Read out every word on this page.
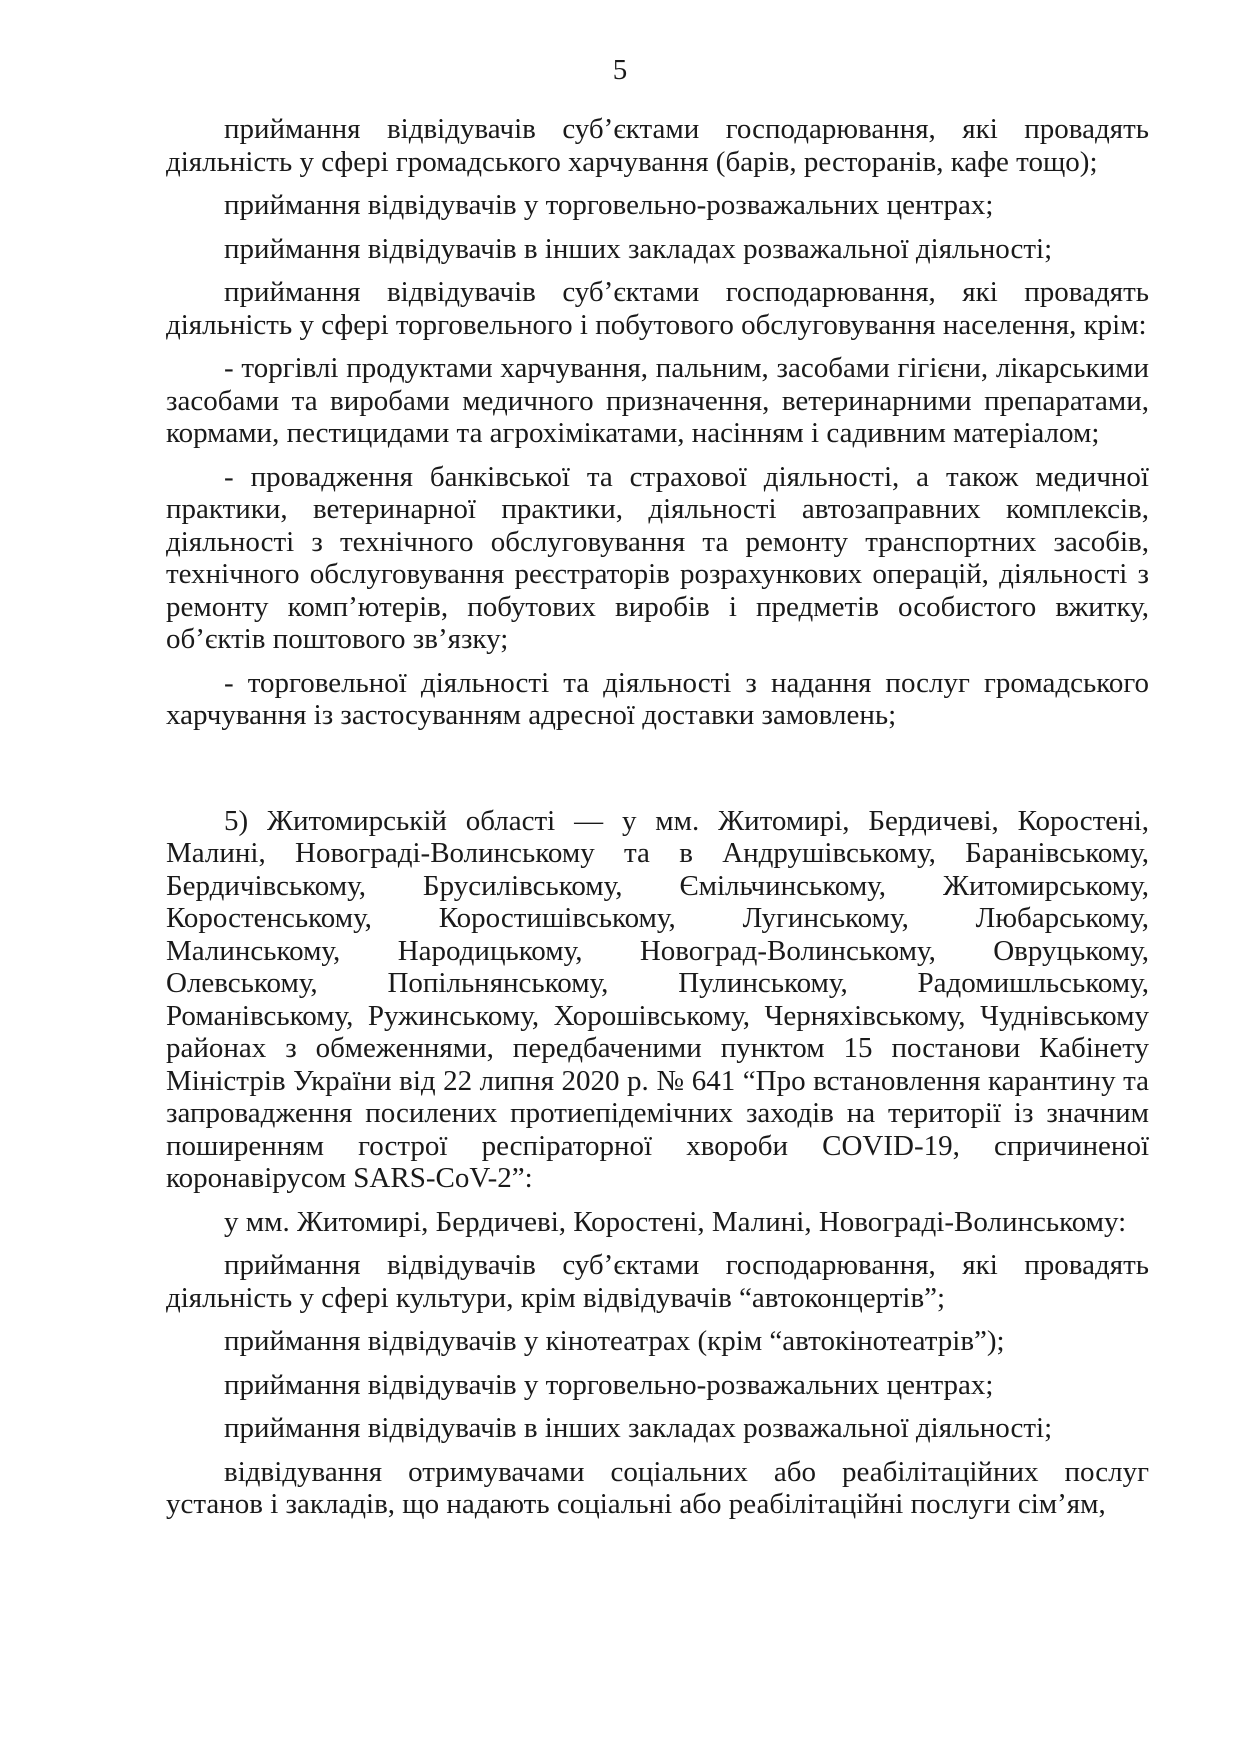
5

приймання відвідувачів суб’єктами господарювання, які провадять діяльність у сфері громадського харчування (барів, ресторанів, кафе тощо);

приймання відвідувачів у торговельно-розважальних центрах;

приймання відвідувачів в інших закладах розважальної діяльності;

приймання відвідувачів суб’єктами господарювання, які провадять діяльність у сфері торговельного і побутового обслуговування населення, крім:

- торгівлі продуктами харчування, пальним, засобами гігієни, лікарськими засобами та виробами медичного призначення, ветеринарними препаратами, кормами, пестицидами та агрохімікатами, насінням і садивним матеріалом;

- провадження банківської та страхової діяльності, а також медичної практики, ветеринарної практики, діяльності автозаправних комплексів, діяльності з технічного обслуговування та ремонту транспортних засобів, технічного обслуговування реєстраторів розрахункових операцій, діяльності з ремонту комп’ютерів, побутових виробів і предметів особистого вжитку, об’єктів поштового зв’язку;

- торговельної діяльності та діяльності з надання послуг громадського харчування із застосуванням адресної доставки замовлень;

5) Житомирській області — у мм. Житомирі, Бердичеві, Коростені, Малині, Новограді-Волинському та в Андрушівському, Баранівському, Бердичівському, Брусилівському, Ємільчинському, Житомирському, Коростенському, Коростишівському, Лугинському, Любарському, Малинському, Народицькому, Новоград-Волинському, Овруцькому, Олевському, Попільнянському, Пулинському, Радомишльському, Романівському, Ружинському, Хорошівському, Черняхівському, Чуднівському районах з обмеженнями, передбаченими пунктом 15 постанови Кабінету Міністрів України від 22 липня 2020 р. № 641 “Про встановлення карантину та запровадження посилених протиепідемічних заходів на території із значним поширенням гострої респіраторної хвороби COVID-19, спричиненої коронавірусом SARS-CoV-2”:

у мм. Житомирі, Бердичеві, Коростені, Малині, Новограді-Волинському:

приймання відвідувачів суб’єктами господарювання, які провадять діяльність у сфері культури, крім відвідувачів “автоконцертів”;

приймання відвідувачів у кінотеатрах (крім “автокінотеатрів”);

приймання відвідувачів у торговельно-розважальних центрах;

приймання відвідувачів в інших закладах розважальної діяльності;

відвідування отримувачами соціальних або реабілітаційних послуг установ і закладів, що надають соціальні або реабілітаційні послуги сім’ям,
